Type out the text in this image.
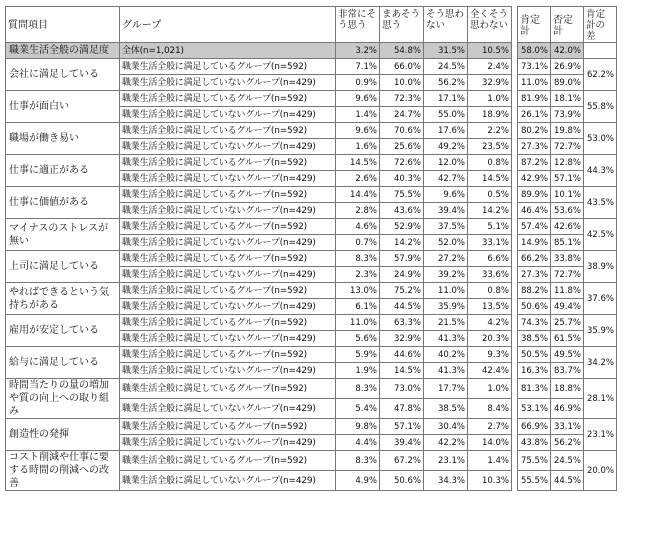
質問項目	グループ	非常にそう思う	まあそう思う	そう思わない	全くそう思わない		肯定計	否定計	肯定計の差
職業生活全般の満足度	全体(n=1,021)	3.2%	54.8%	31.5%	10.5%		58.0%	42.0%	
会社に満足している	職業生活全般に満足しているグループ(n=592)	7.1%	66.0%	24.5%	2.4%		73.1%	26.9%	62.2%
	職業生活全般に満足していないグループ(n=429)	0.9%	10.0%	56.2%	32.9%		11.0%	89.0%	
仕事が面白い	職業生活全般に満足しているグループ(n=592)	9.6%	72.3%	17.1%	1.0%		81.9%	18.1%	55.8%
	職業生活全般に満足していないグループ(n=429)	1.4%	24.7%	55.0%	18.9%		26.1%	73.9%	
職場が働き易い	職業生活全般に満足しているグループ(n=592)	9.6%	70.6%	17.6%	2.2%		80.2%	19.8%	53.0%
	職業生活全般に満足していないグループ(n=429)	1.6%	25.6%	49.2%	23.5%		27.3%	72.7%	
仕事に適正がある	職業生活全般に満足しているグループ(n=592)	14.5%	72.6%	12.0%	0.8%		87.2%	12.8%	44.3%
	職業生活全般に満足していないグループ(n=429)	2.6%	40.3%	42.7%	14.5%		42.9%	57.1%	
仕事に価値がある	職業生活全般に満足しているグループ(n=592)	14.4%	75.5%	9.6%	0.5%		89.9%	10.1%	43.5%
	職業生活全般に満足していないグループ(n=429)	2.8%	43.6%	39.4%	14.2%		46.4%	53.6%	
マイナスのストレスが無い	職業生活全般に満足しているグループ(n=592)	4.6%	52.9%	37.5%	5.1%		57.4%	42.6%	42.5%
	職業生活全般に満足していないグループ(n=429)	0.7%	14.2%	52.0%	33.1%		14.9%	85.1%	
上司に満足している	職業生活全般に満足しているグループ(n=592)	8.3%	57.9%	27.2%	6.6%		66.2%	33.8%	38.9%
	職業生活全般に満足していないグループ(n=429)	2.3%	24.9%	39.2%	33.6%		27.3%	72.7%	
やればできるという気持ちがある	職業生活全般に満足しているグループ(n=592)	13.0%	75.2%	11.0%	0.8%		88.2%	11.8%	37.6%
	職業生活全般に満足していないグループ(n=429)	6.1%	44.5%	35.9%	13.5%		50.6%	49.4%	
雇用が安定している	職業生活全般に満足しているグループ(n=592)	11.0%	63.3%	21.5%	4.2%		74.3%	25.7%	35.9%
	職業生活全般に満足していないグループ(n=429)	5.6%	32.9%	41.3%	20.3%		38.5%	61.5%	
給与に満足している	職業生活全般に満足しているグループ(n=592)	5.9%	44.6%	40.2%	9.3%		50.5%	49.5%	34.2%
	職業生活全般に満足していないグループ(n=429)	1.9%	14.5%	41.3%	42.4%		16.3%	83.7%	
時間当たりの量の増加や質の向上への取り組み	職業生活全般に満足しているグループ(n=592)	8.3%	73.0%	17.7%	1.0%		81.3%	18.8%	28.1%
	職業生活全般に満足していないグループ(n=429)	5.4%	47.8%	38.5%	8.4%		53.1%	46.9%	
創造性の発揮	職業生活全般に満足しているグループ(n=592)	9.8%	57.1%	30.4%	2.7%		66.9%	33.1%	23.1%
	職業生活全般に満足していないグループ(n=429)	4.4%	39.4%	42.2%	14.0%		43.8%	56.2%	
コスト削減や仕事に要する時間の削減への改善	職業生活全般に満足しているグループ(n=592)	8.3%	67.2%	23.1%	1.4%		75.5%	24.5%	20.0%
	職業生活全般に満足していないグループ(n=429)	4.9%	50.6%	34.3%	10.3%		55.5%	44.5%	
